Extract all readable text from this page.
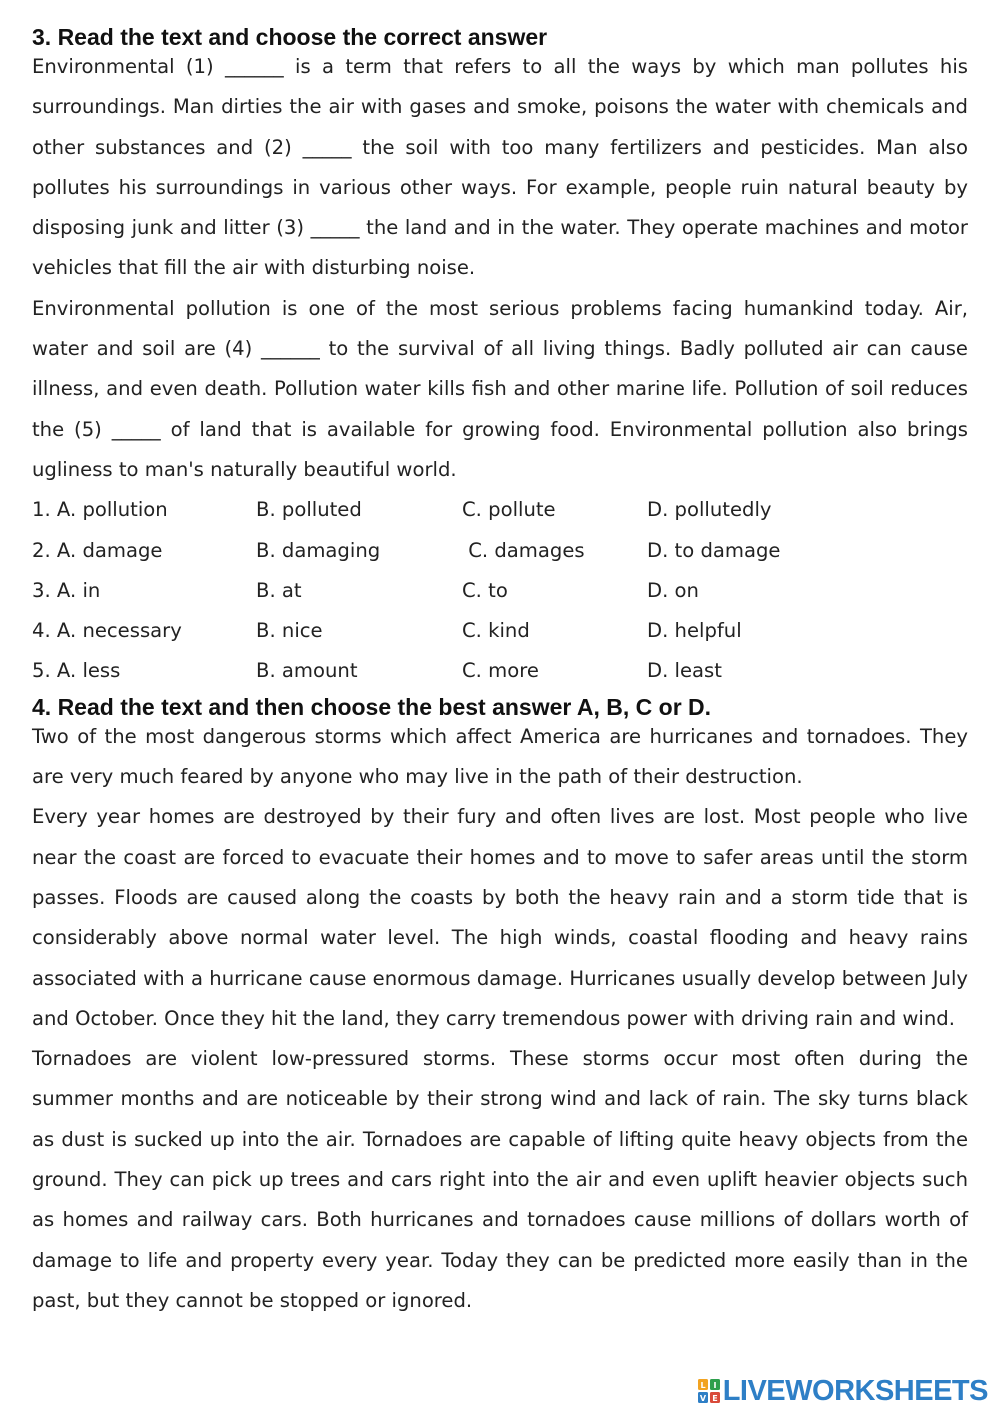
3. Read the text and choose the correct answer

Environmental (1) ______ is a term that refers to all the ways by which man pollutes his surroundings. Man dirties the air with gases and smoke, poisons the water with chemicals and other substances and (2) _____ the soil with too many fertilizers and pesticides. Man also pollutes his surroundings in various other ways. For example, people ruin natural beauty by disposing junk and litter (3) _____ the land and in the water. They operate machines and motor vehicles that fill the air with disturbing noise.

Environmental pollution is one of the most serious problems facing humankind today. Air, water and soil are (4) ______ to the survival of all living things. Badly polluted air can cause illness, and even death. Pollution water kills fish and other marine life. Pollution of soil reduces the (5) _____ of land that is available for growing food. Environmental pollution also brings ugliness to man's naturally beautiful world.

1. A. pollution	B. polluted	C. pollute	D. pollutedly
2. A. damage	B. damaging	C. damages	D. to damage
3. A. in	B. at	C. to	D. on
4. A. necessary	B. nice	C. kind	D. helpful
5. A. less	B. amount	C. more	D. least
4. Read the text and then choose the best answer A, B, C or D.

Two of the most dangerous storms which affect America are hurricanes and tornadoes. They are very much feared by anyone who may live in the path of their destruction.

Every year homes are destroyed by their fury and often lives are lost. Most people who live near the coast are forced to evacuate their homes and to move to safer areas until the storm passes. Floods are caused along the coasts by both the heavy rain and a storm tide that is considerably above normal water level. The high winds, coastal flooding and heavy rains associated with a hurricane cause enormous damage. Hurricanes usually develop between July and October. Once they hit the land, they carry tremendous power with driving rain and wind.

Tornadoes are violent low-pressured storms. These storms occur most often during the summer months and are noticeable by their strong wind and lack of rain. The sky turns black as dust is sucked up into the air. Tornadoes are capable of lifting quite heavy objects from the ground. They can pick up trees and cars right into the air and even uplift heavier objects such as homes and railway cars. Both hurricanes and tornadoes cause millions of dollars worth of damage to life and property every year. Today they can be predicted more easily than in the past, but they cannot be stopped or ignored.

L I
V E LIVEWORKSHEETS
